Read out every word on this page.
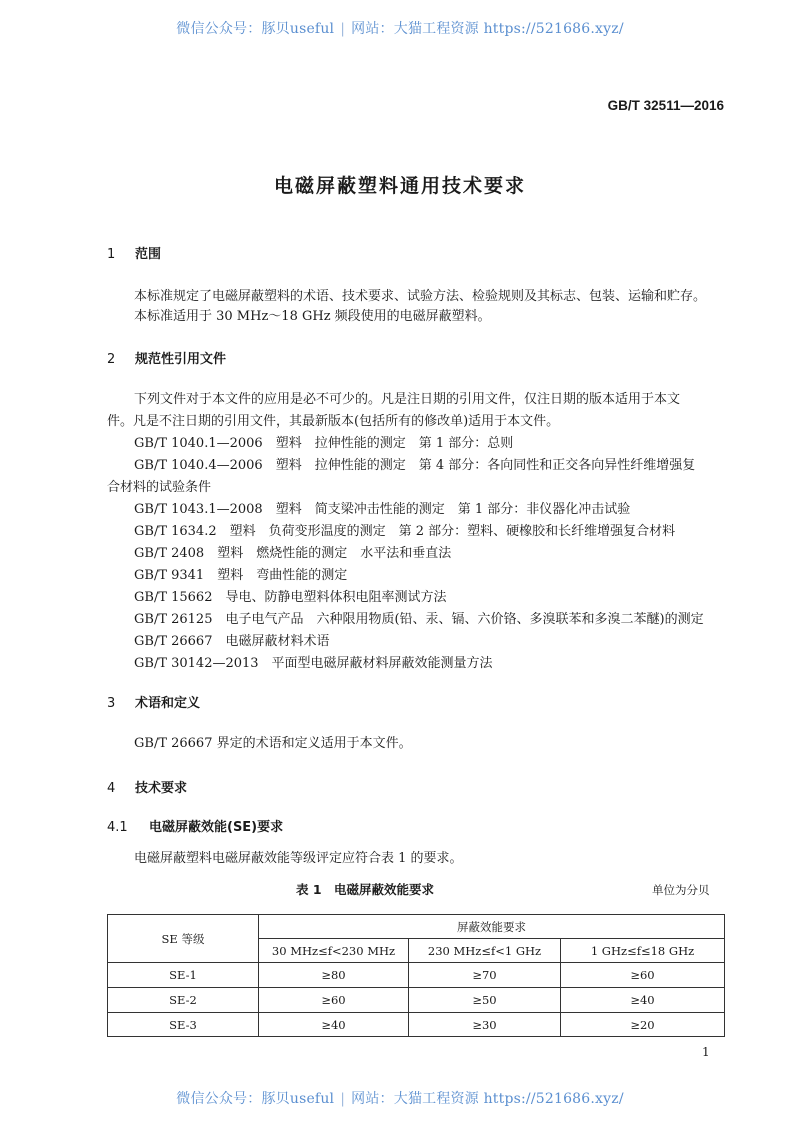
微信公众号：豚贝useful | 网站：大猫工程资源 https://521686.xyz/
GB/T 32511—2016
电磁屏蔽塑料通用技术要求
1 范围
本标准规定了电磁屏蔽塑料的术语、技术要求、试验方法、检验规则及其标志、包装、运输和贮存。
本标准适用于 30 MHz～18 GHz 频段使用的电磁屏蔽塑料。
2 规范性引用文件
下列文件对于本文件的应用是必不可少的。凡是注日期的引用文件，仅注日期的版本适用于本文
件。凡是不注日期的引用文件，其最新版本(包括所有的修改单)适用于本文件。
GB/T 1040.1—2006　塑料　拉伸性能的测定　第 1 部分：总则
GB/T 1040.4—2006　塑料　拉伸性能的测定　第 4 部分：各向同性和正交各向异性纤维增强复
合材料的试验条件
GB/T 1043.1—2008　塑料　简支梁冲击性能的测定　第 1 部分：非仪器化冲击试验
GB/T 1634.2　塑料　负荷变形温度的测定　第 2 部分：塑料、硬橡胶和长纤维增强复合材料
GB/T 2408　塑料　燃烧性能的测定　水平法和垂直法
GB/T 9341　塑料　弯曲性能的测定
GB/T 15662　导电、防静电塑料体积电阻率测试方法
GB/T 26125　电子电气产品　六种限用物质(铅、汞、镉、六价铬、多溴联苯和多溴二苯醚)的测定
GB/T 26667　电磁屏蔽材料术语
GB/T 30142—2013　平面型电磁屏蔽材料屏蔽效能测量方法
3 术语和定义
GB/T 26667 界定的术语和定义适用于本文件。
4 技术要求
4.1 电磁屏蔽效能(SE)要求
电磁屏蔽塑料电磁屏蔽效能等级评定应符合表 1 的要求。
表 1　电磁屏蔽效能要求	单位为分贝
SE 等级	屏蔽效能要求		
	30 MHz≤f<230 MHz	230 MHz≤f<1 GHz	1 GHz≤f≤18 GHz
SE-1	≥80	≥70	≥60
SE-2	≥60	≥50	≥40
SE-3	≥40	≥30	≥20
1
微信公众号：豚贝useful | 网站：大猫工程资源 https://521686.xyz/
